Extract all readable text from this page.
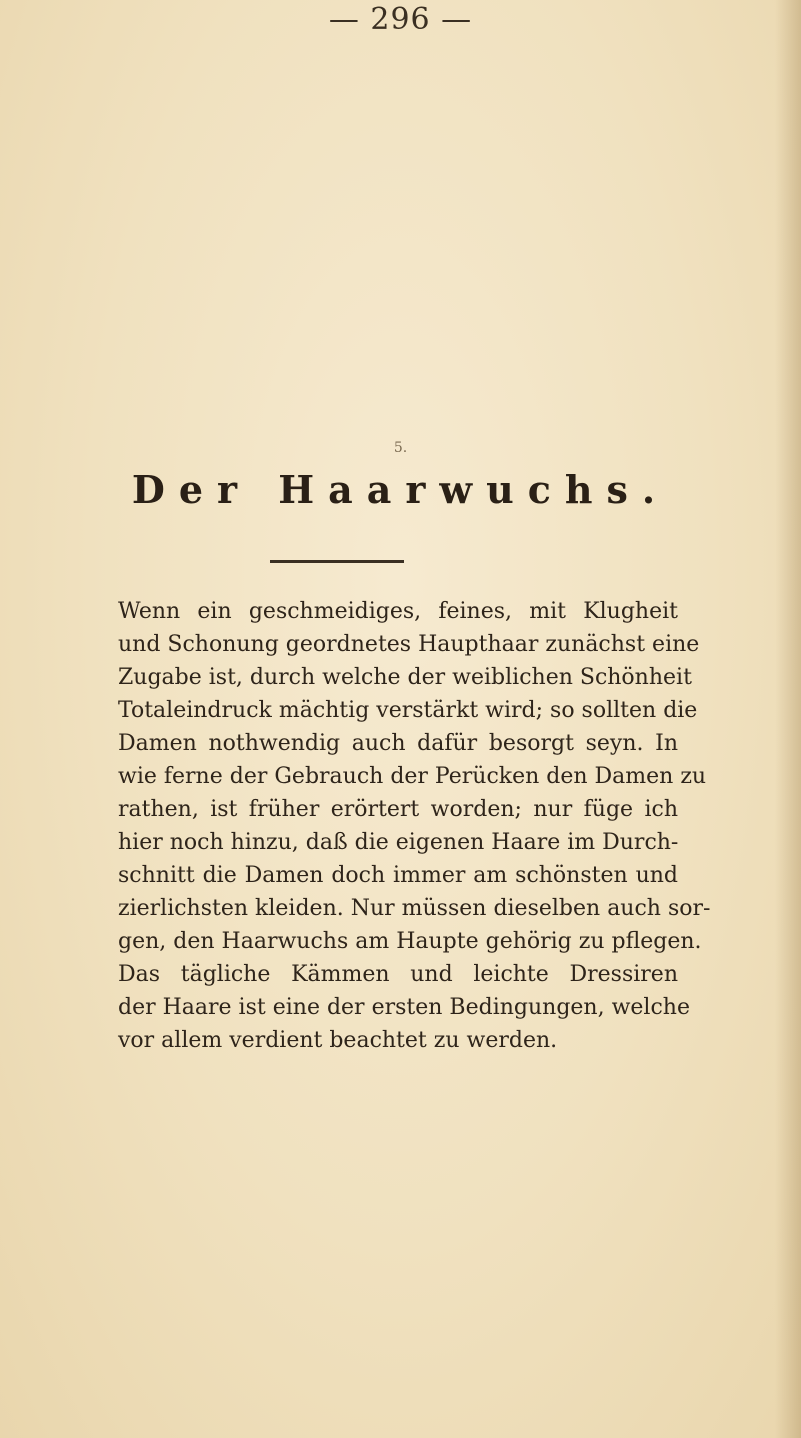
— 296 —
5.
Der Haarwuchs.
Wenn ein geschmeidiges, feines, mit Klugheit
und Schonung geordnetes Haupthaar zunächst eine
Zugabe ist, durch welche der weiblichen Schönheit
Totaleindruck mächtig verstärkt wird; so sollten die
Damen nothwendig auch dafür besorgt seyn. In
wie ferne der Gebrauch der Perücken den Damen zu
rathen, ist früher erörtert worden; nur füge ich
hier noch hinzu, daß die eigenen Haare im Durch-
schnitt die Damen doch immer am schönsten und
zierlichsten kleiden. Nur müssen dieselben auch sor-
gen, den Haarwuchs am Haupte gehörig zu pflegen.
Das tägliche Kämmen und leichte Dressiren
der Haare ist eine der ersten Bedingungen, welche
vor allem verdient beachtet zu werden.
